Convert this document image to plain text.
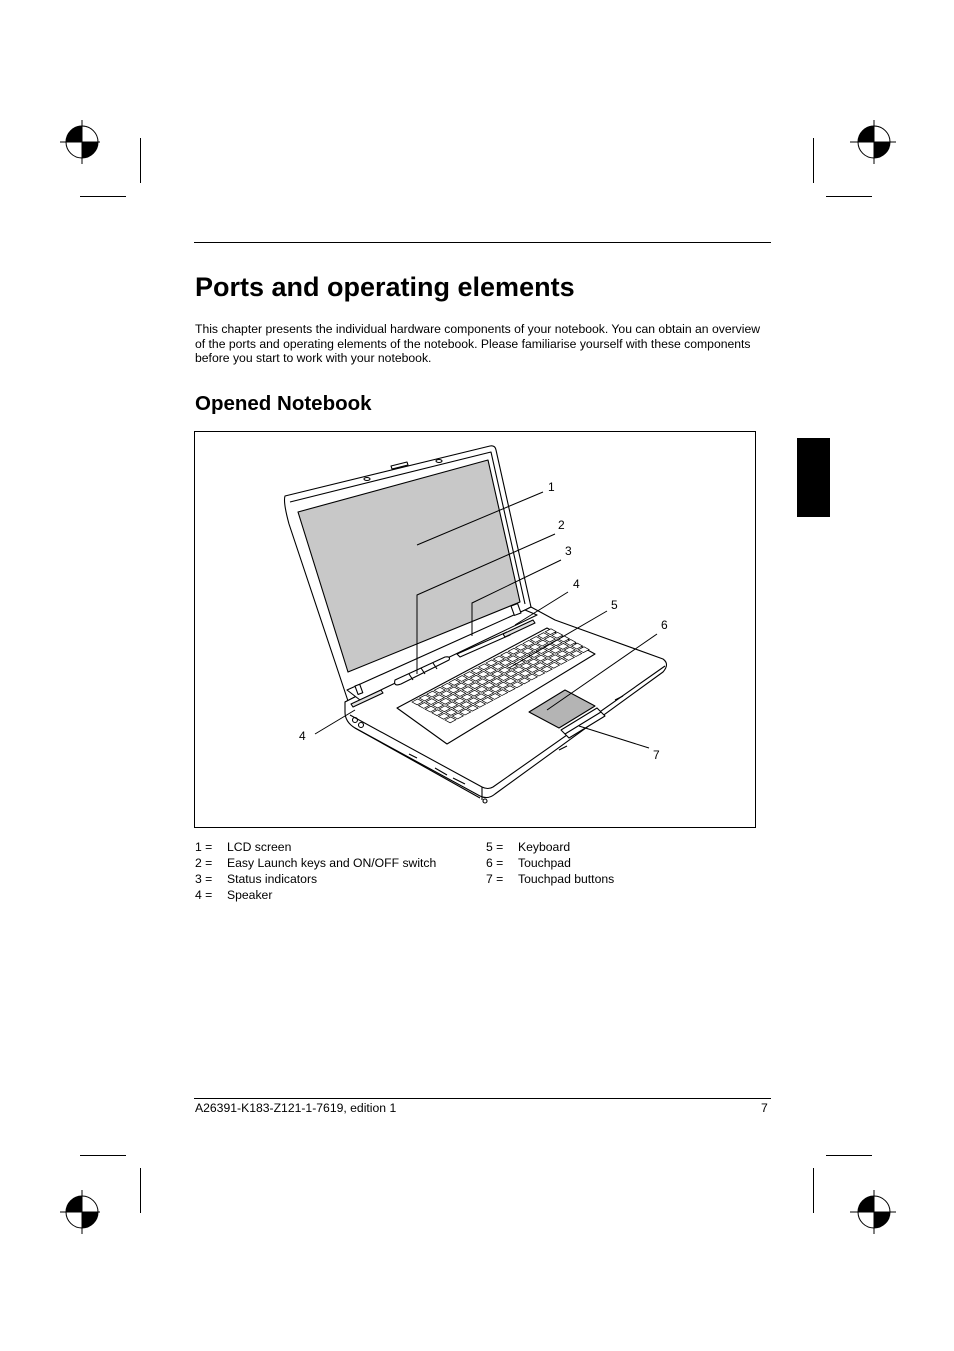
Ports and operating elements

This chapter presents the individual hardware components of your notebook. You can obtain an overview of the ports and operating elements of the notebook. Please familiarise yourself with these components before you start to work with your notebook.

Opened Notebook
1
2
3
4
5
6
4
7
1 = LCD screen
2 = Easy Launch keys and ON/OFF switch
3 = Status indicators
4 = Speaker
5 = Keyboard
6 = Touchpad
7 = Touchpad buttons
A26391-K183-Z121-1-7619, edition 1	7
